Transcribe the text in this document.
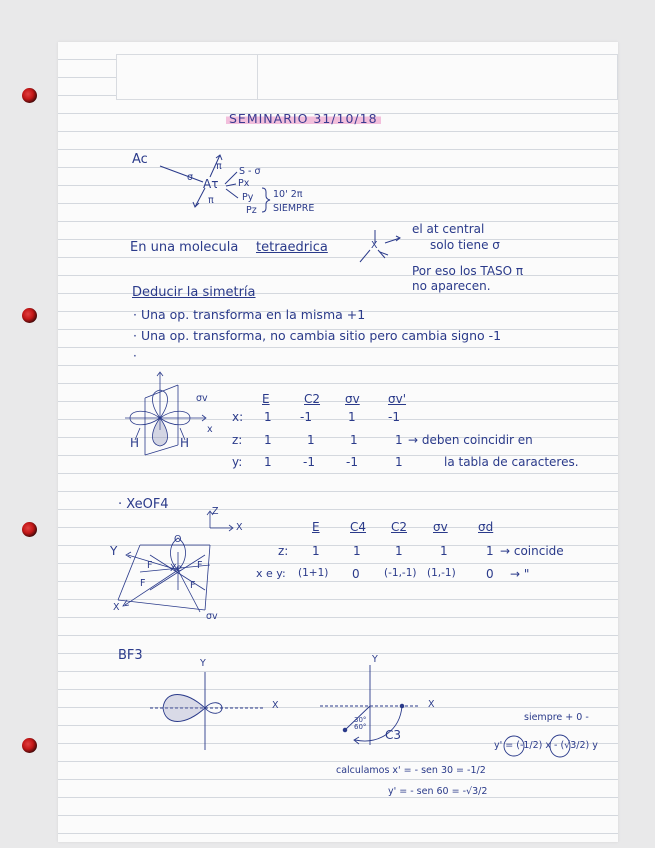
SEMINARIO 31/10/18
Ac
σ Aτ
π
π
S - σ
Px
Py
Pz
10' 2π
SIEMPRE
En una molecula tetraedrica	X
el at central
solo tiene σ
Por eso los TASO π
no aparecen.
Deducir la simetría
· Una op. transforma en la misma +1
· Una op. transforma, no cambia sitio pero cambia signo -1
·
H	H
σv
x
E	C2 σv σv'
x: 1 -1	1	-1
z: 1	1	1	1 → deben coincidir en
y: 1	-1	-1	1	la tabla de caracteres.
· XeOF4	Z
X
Y
X
σv
O
Xe
F	F
F	F
E	C4 C2 σv	σd
z: 1	1	1	1	1 → coincide
x e y: (1+1) 0 (-1,-1) (1,-1)	0 → "
BF3
Y
X
Y
X
30°
60°
C3
siempre + 0 -
y' = (-1/2) x - (√3/2) y
calculamos x' = - sen 30 = -1/2
y' = - sen 60 = -√3/2
